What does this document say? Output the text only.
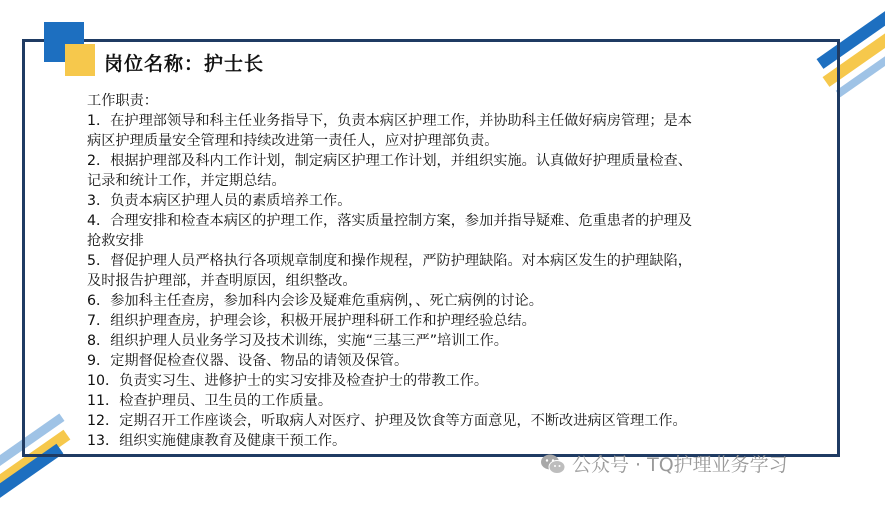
岗位名称：护士长
工作职责：
1．在护理部领导和科主任业务指导下，负责本病区护理工作，并协助科主任做好病房管理；是本
病区护理质量安全管理和持续改进第一责任人，应对护理部负责。
2．根据护理部及科内工作计划，制定病区护理工作计划，并组织实施。认真做好护理质量检查、
记录和统计工作，并定期总结。
3．负责本病区护理人员的素质培养工作。
4．合理安排和检查本病区的护理工作，落实质量控制方案，参加并指导疑难、危重患者的护理及
抢救安排
5．督促护理人员严格执行各项规章制度和操作规程，严防护理缺陷。对本病区发生的护理缺陷，
及时报告护理部，并查明原因，组织整改。
6．参加科主任查房，参加科内会诊及疑难危重病例，、死亡病例的讨论。
7．组织护理查房，护理会诊，积极开展护理科研工作和护理经验总结。
8．组织护理人员业务学习及技术训练，实施“三基三严”培训工作。
9．定期督促检查仪器、设备、物品的请领及保管。
10．负责实习生、进修护士的实习安排及检查护士的带教工作。
11．检查护理员、卫生员的工作质量。
12．定期召开工作座谈会，听取病人对医疗、护理及饮食等方面意见，不断改进病区管理工作。
13．组织实施健康教育及健康干预工作。
公众号 · TQ护理业务学习
